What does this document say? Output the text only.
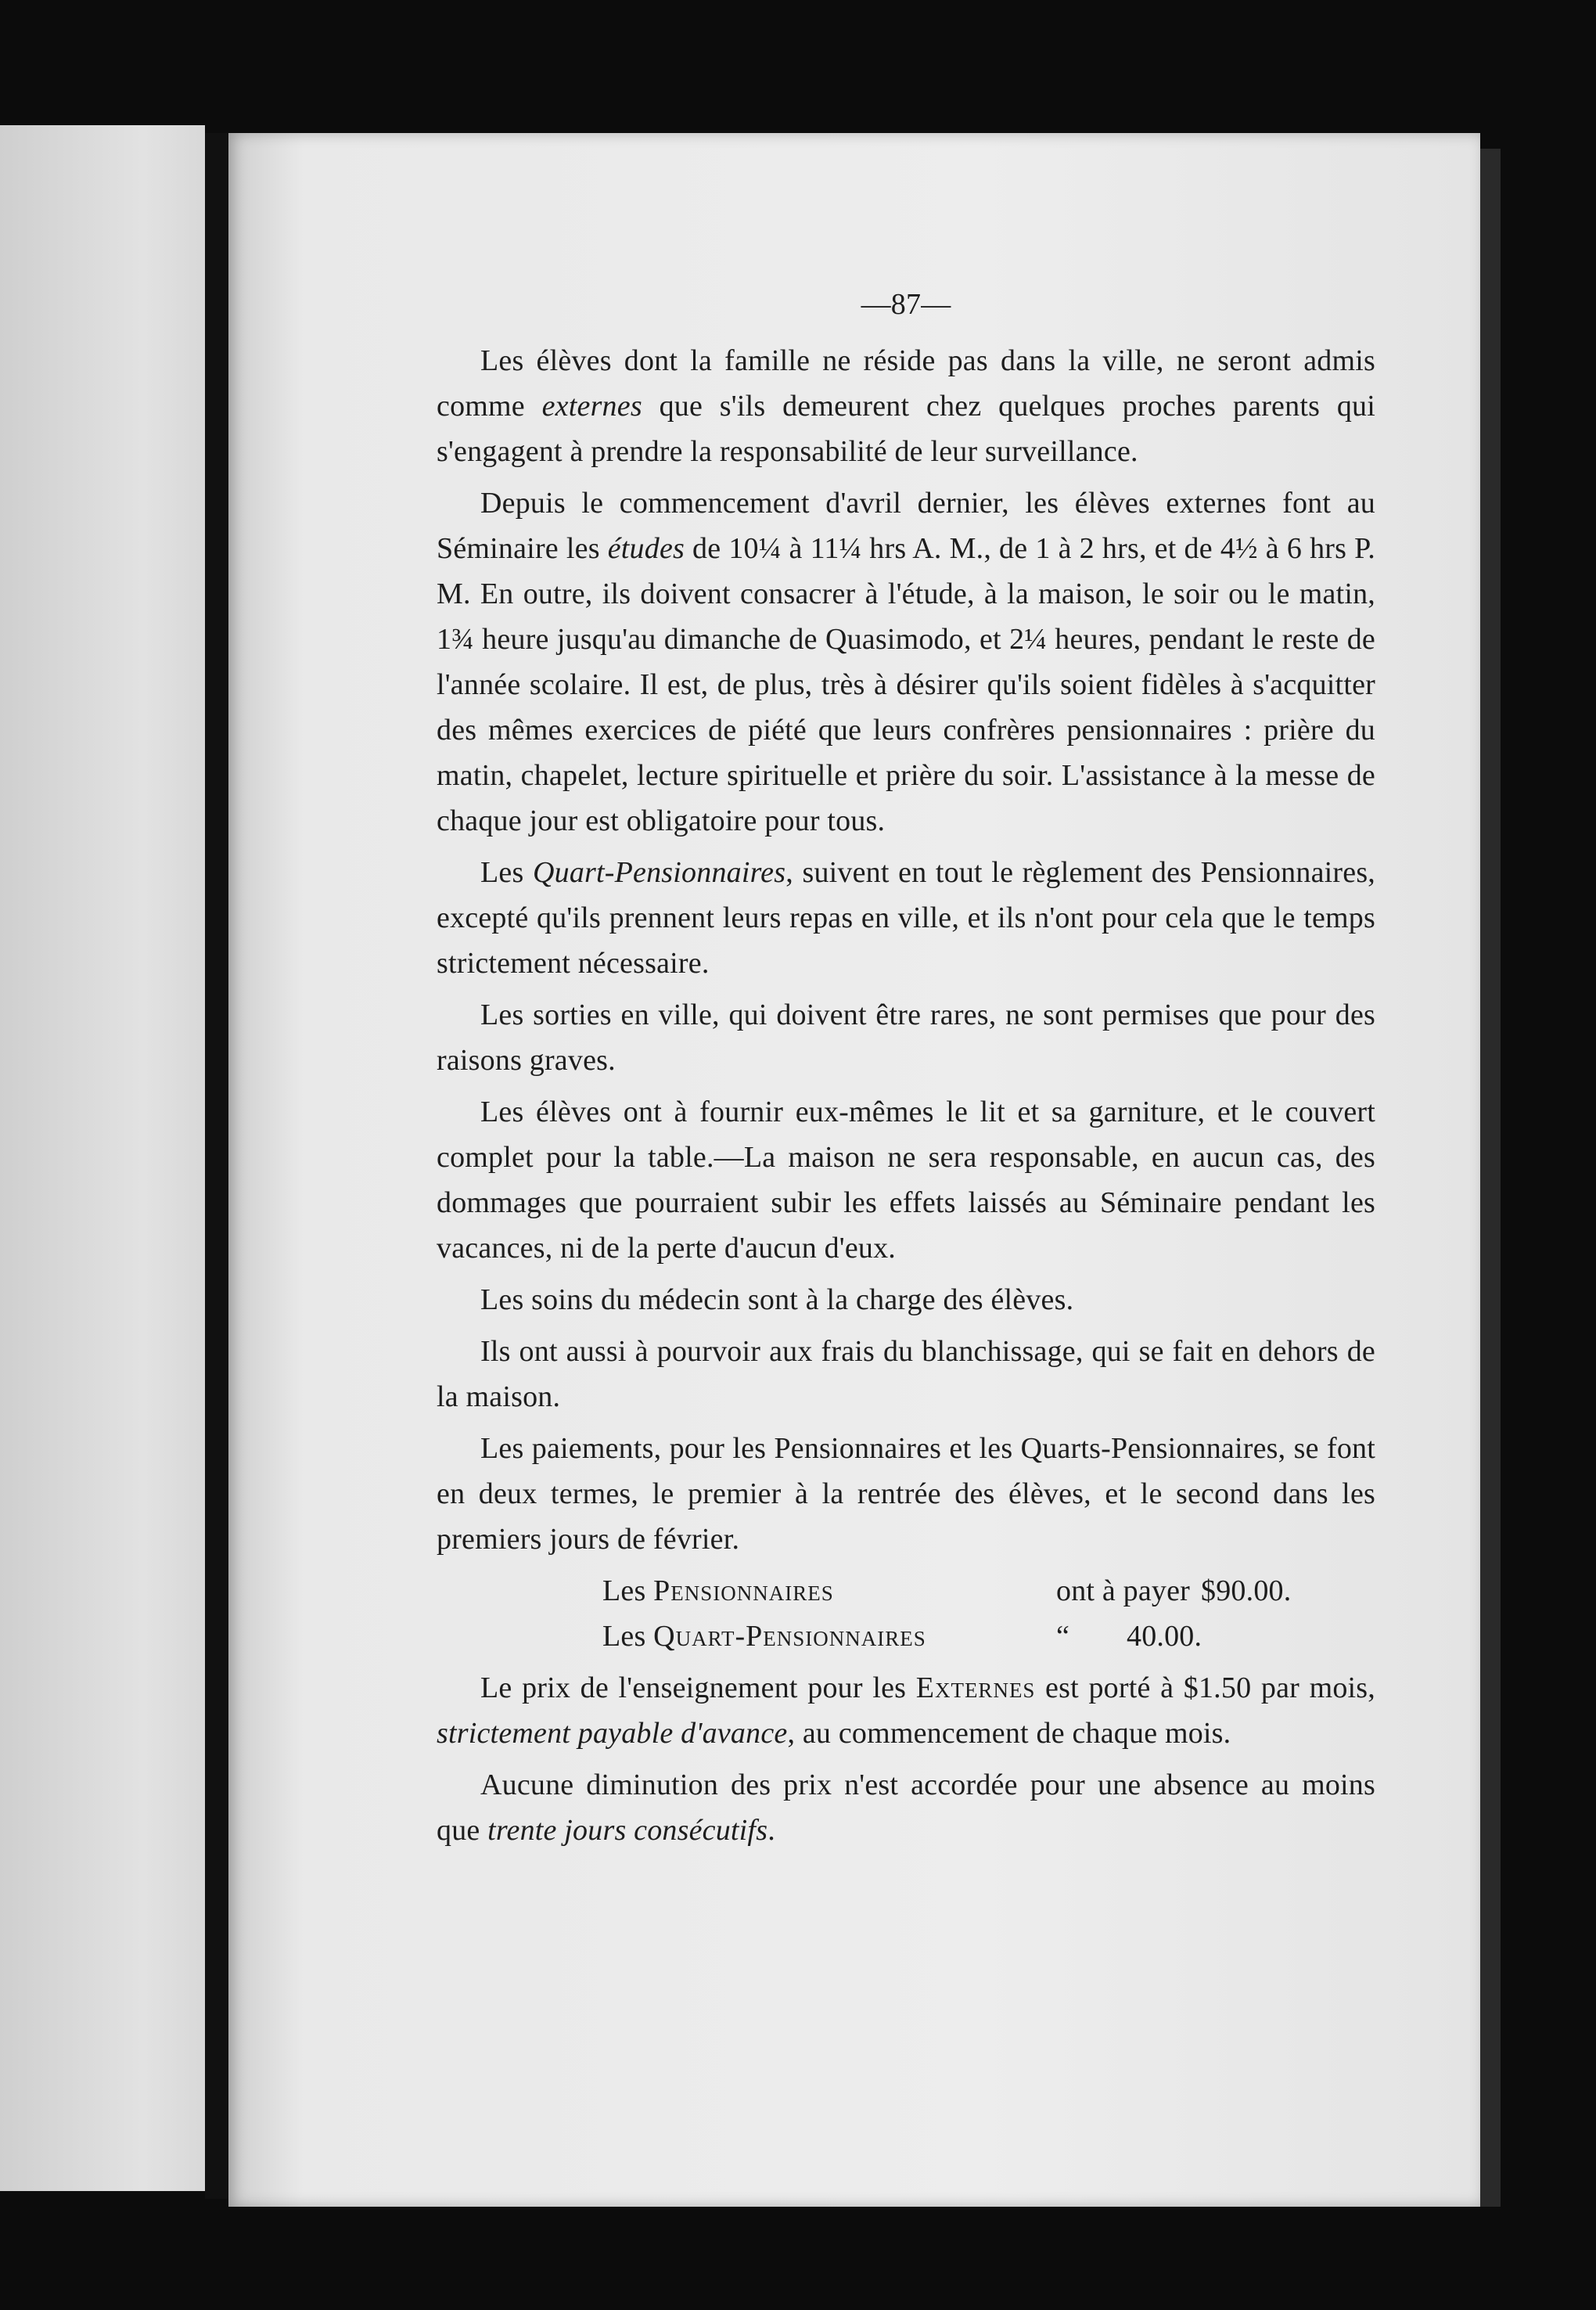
—87—

Les élèves dont la famille ne réside pas dans la ville, ne seront admis comme externes que s'ils demeurent chez quelques proches parents qui s'engagent à prendre la responsabilité de leur surveillance.

Depuis le commencement d'avril dernier, les élèves externes font au Séminaire les études de 10¼ à 11¼ hrs A. M., de 1 à 2 hrs, et de 4½ à 6 hrs P. M. En outre, ils doivent consacrer à l'étude, à la maison, le soir ou le matin, 1¾ heure jusqu'au dimanche de Quasimodo, et 2¼ heures, pendant le reste de l'année scolaire. Il est, de plus, très à désirer qu'ils soient fidèles à s'acquitter des mêmes exercices de piété que leurs confrères pensionnaires : prière du matin, chapelet, lecture spirituelle et prière du soir. L'assistance à la messe de chaque jour est obligatoire pour tous.

Les Quart-Pensionnaires, suivent en tout le règlement des Pensionnaires, excepté qu'ils prennent leurs repas en ville, et ils n'ont pour cela que le temps strictement nécessaire.

Les sorties en ville, qui doivent être rares, ne sont permises que pour des raisons graves.

Les élèves ont à fournir eux-mêmes le lit et sa garniture, et le couvert complet pour la table.—La maison ne sera responsable, en aucun cas, des dommages que pourraient subir les effets laissés au Séminaire pendant les vacances, ni de la perte d'aucun d'eux.

Les soins du médecin sont à la charge des élèves.

Ils ont aussi à pourvoir aux frais du blanchissage, qui se fait en dehors de la maison.

Les paiements, pour les Pensionnaires et les Quarts-Pensionnaires, se font en deux termes, le premier à la rentrée des élèves, et le second dans les premiers jours de février.

Les Pensionnaires	ont à payer $90.00.
Les Quart-Pensionnaires	“	40.00.

Le prix de l'enseignement pour les Externes est porté à $1.50 par mois, strictement payable d'avance, au commencement de chaque mois.

Aucune diminution des prix n'est accordée pour une absence au moins que trente jours consécutifs.
